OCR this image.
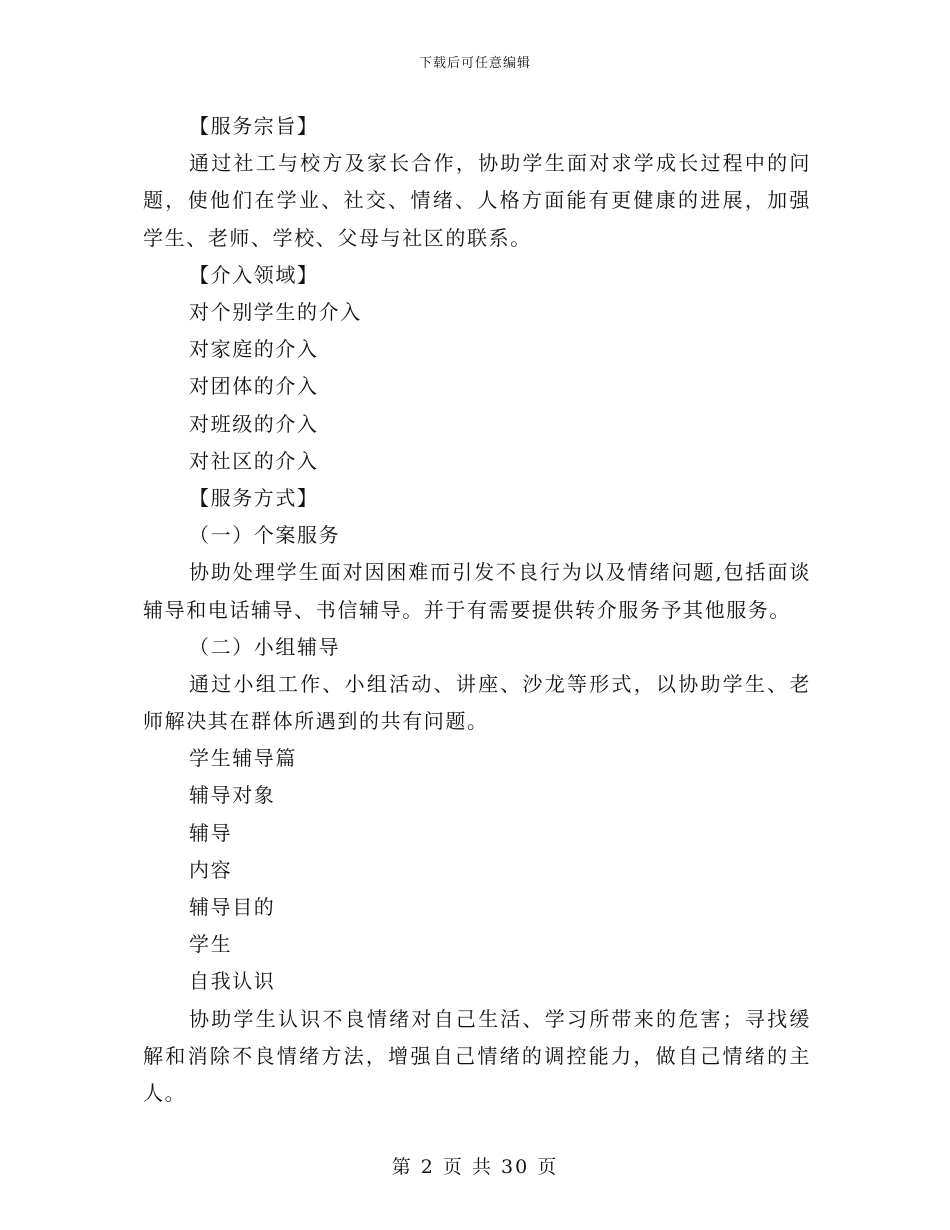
下载后可任意编辑
【服务宗旨】
通过社工与校方及家长合作，协助学生面对求学成长过程中的问题，使他们在学业、社交、情绪、人格方面能有更健康的进展，加强学生、老师、学校、父母与社区的联系。
【介入领域】
对个别学生的介入
对家庭的介入
对团体的介入
对班级的介入
对社区的介入
【服务方式】
（一）个案服务
协助处理学生面对因困难而引发不良行为以及情绪问题,包括面谈辅导和电话辅导、书信辅导。并于有需要提供转介服务予其他服务。
（二）小组辅导
通过小组工作、小组活动、讲座、沙龙等形式，以协助学生、老师解决其在群体所遇到的共有问题。
学生辅导篇
辅导对象
辅导
内容
辅导目的
学生
自我认识
协助学生认识不良情绪对自己生活、学习所带来的危害；寻找缓解和消除不良情绪方法，增强自己情绪的调控能力，做自己情绪的主人。
第 2 页 共 30 页
